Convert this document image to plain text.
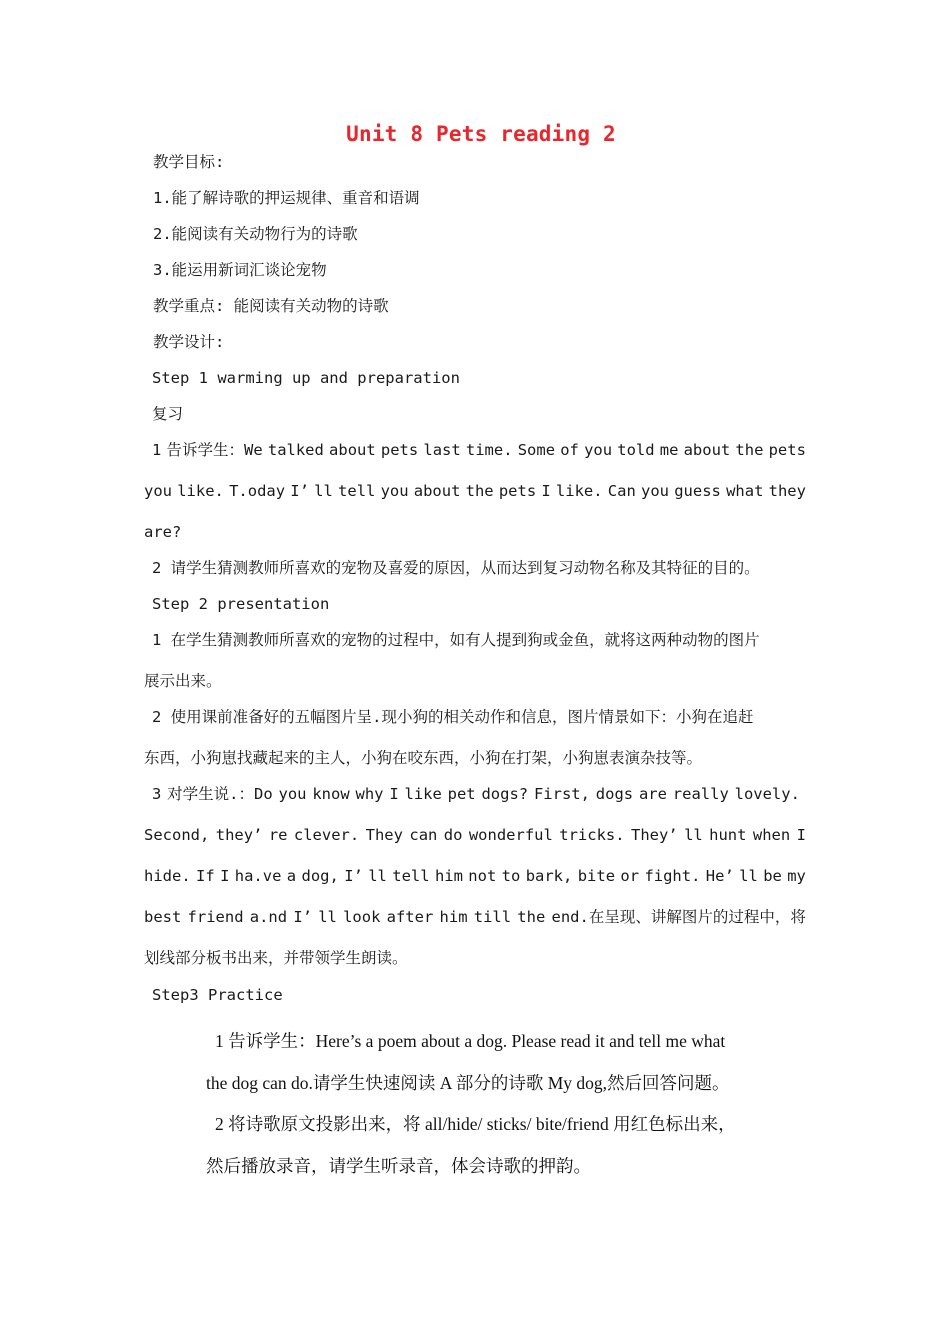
Unit 8 Pets reading 2
教学目标:
1.能了解诗歌的押运规律、重音和语调
2.能阅读有关动物行为的诗歌
3.能运用新词汇谈论宠物
教学重点: 能阅读有关动物的诗歌
教学设计:
Step 1 warming up and preparation
复习
1 告诉学生：We talked about pets last time. Some of you told me about the pets
you like. T.oday I’ ll tell you about the pets I like. Can you guess what they
are?
2 请学生猜测教师所喜欢的宠物及喜爱的原因，从而达到复习动物名称及其特征的目的。
Step 2 presentation
1 在学生猜测教师所喜欢的宠物的过程中，如有人提到狗或金鱼，就将这两种动物的图片
展示出来。
2 使用课前准备好的五幅图片呈.现小狗的相关动作和信息，图片情景如下：小狗在追赶
东西，小狗崽找藏起来的主人，小狗在咬东西，小狗在打架，小狗崽表演杂技等。
3 对学生说.：Do you know why I like pet dogs? First, dogs are really lovely.
Second, they’ re clever. They can do wonderful tricks. They’ ll hunt when I
hide. If I ha.ve a dog, I’ ll tell him not to bark, bite or fight. He’ ll be my
best friend a.nd I’ ll look after him till the end.在呈现、讲解图片的过程中，将
划线部分板书出来，并带领学生朗读。
Step3 Practice
1 告诉学生：Here’s a poem about a dog. Please read it and tell me what
the dog can do.请学生快速阅读 A 部分的诗歌 My dog,然后回答问题。
2 将诗歌原文投影出来，将 all/hide/ sticks/ bite/friend 用红色标出来，
然后播放录音，请学生听录音，体会诗歌的押韵。
